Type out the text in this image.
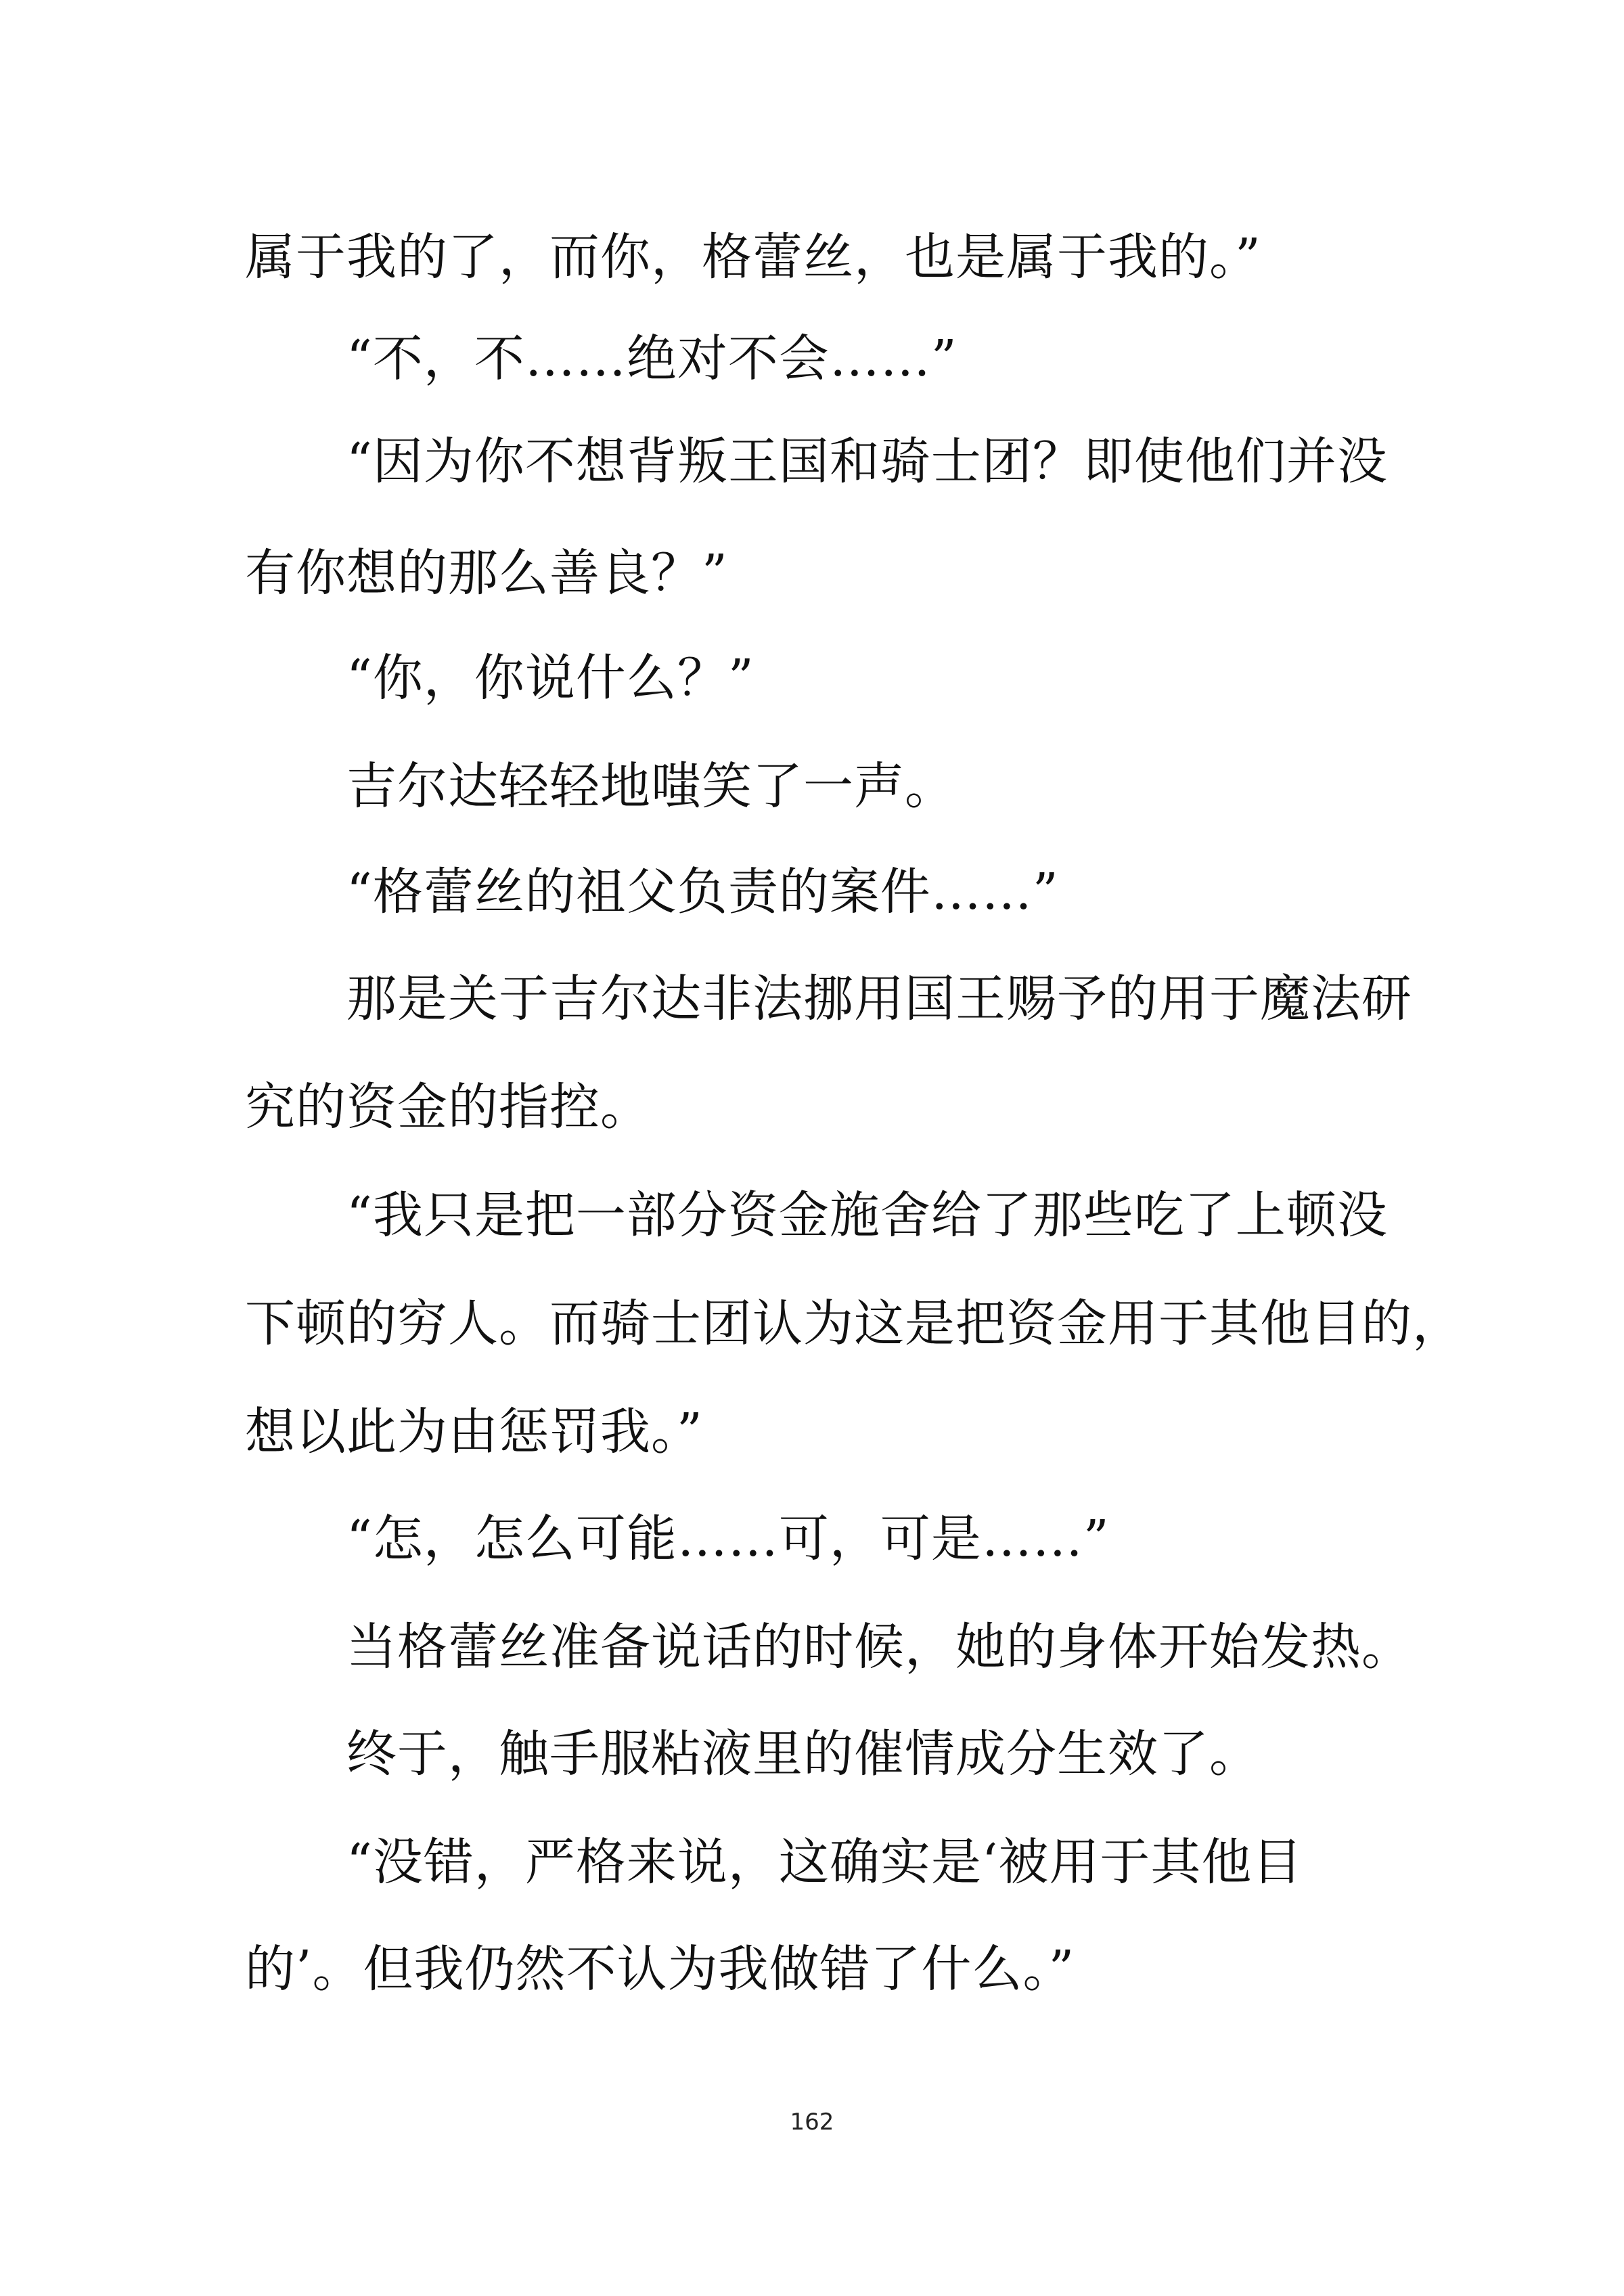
属于我的了，而你，格蕾丝，也是属于我的。”
“不，不……绝对不会……”
“因为你不想背叛王国和骑士团？即使他们并没
有你想的那么善良？”
“你，你说什么？”
吉尔达轻轻地嗤笑了一声。
“格蕾丝的祖父负责的案件……”
那是关于吉尔达非法挪用国王赐予的用于魔法研
究的资金的指控。
“我只是把一部分资金施舍给了那些吃了上顿没
下顿的穷人。而骑士团认为这是把资金用于其他目的，
想以此为由惩罚我。”
“怎，怎么可能……可，可是……”
当格蕾丝准备说话的时候，她的身体开始发热。
终于，触手服粘液里的催情成分生效了。
“没错，严格来说，这确实是‘被用于其他目
的’。但我仍然不认为我做错了什么。”
162
